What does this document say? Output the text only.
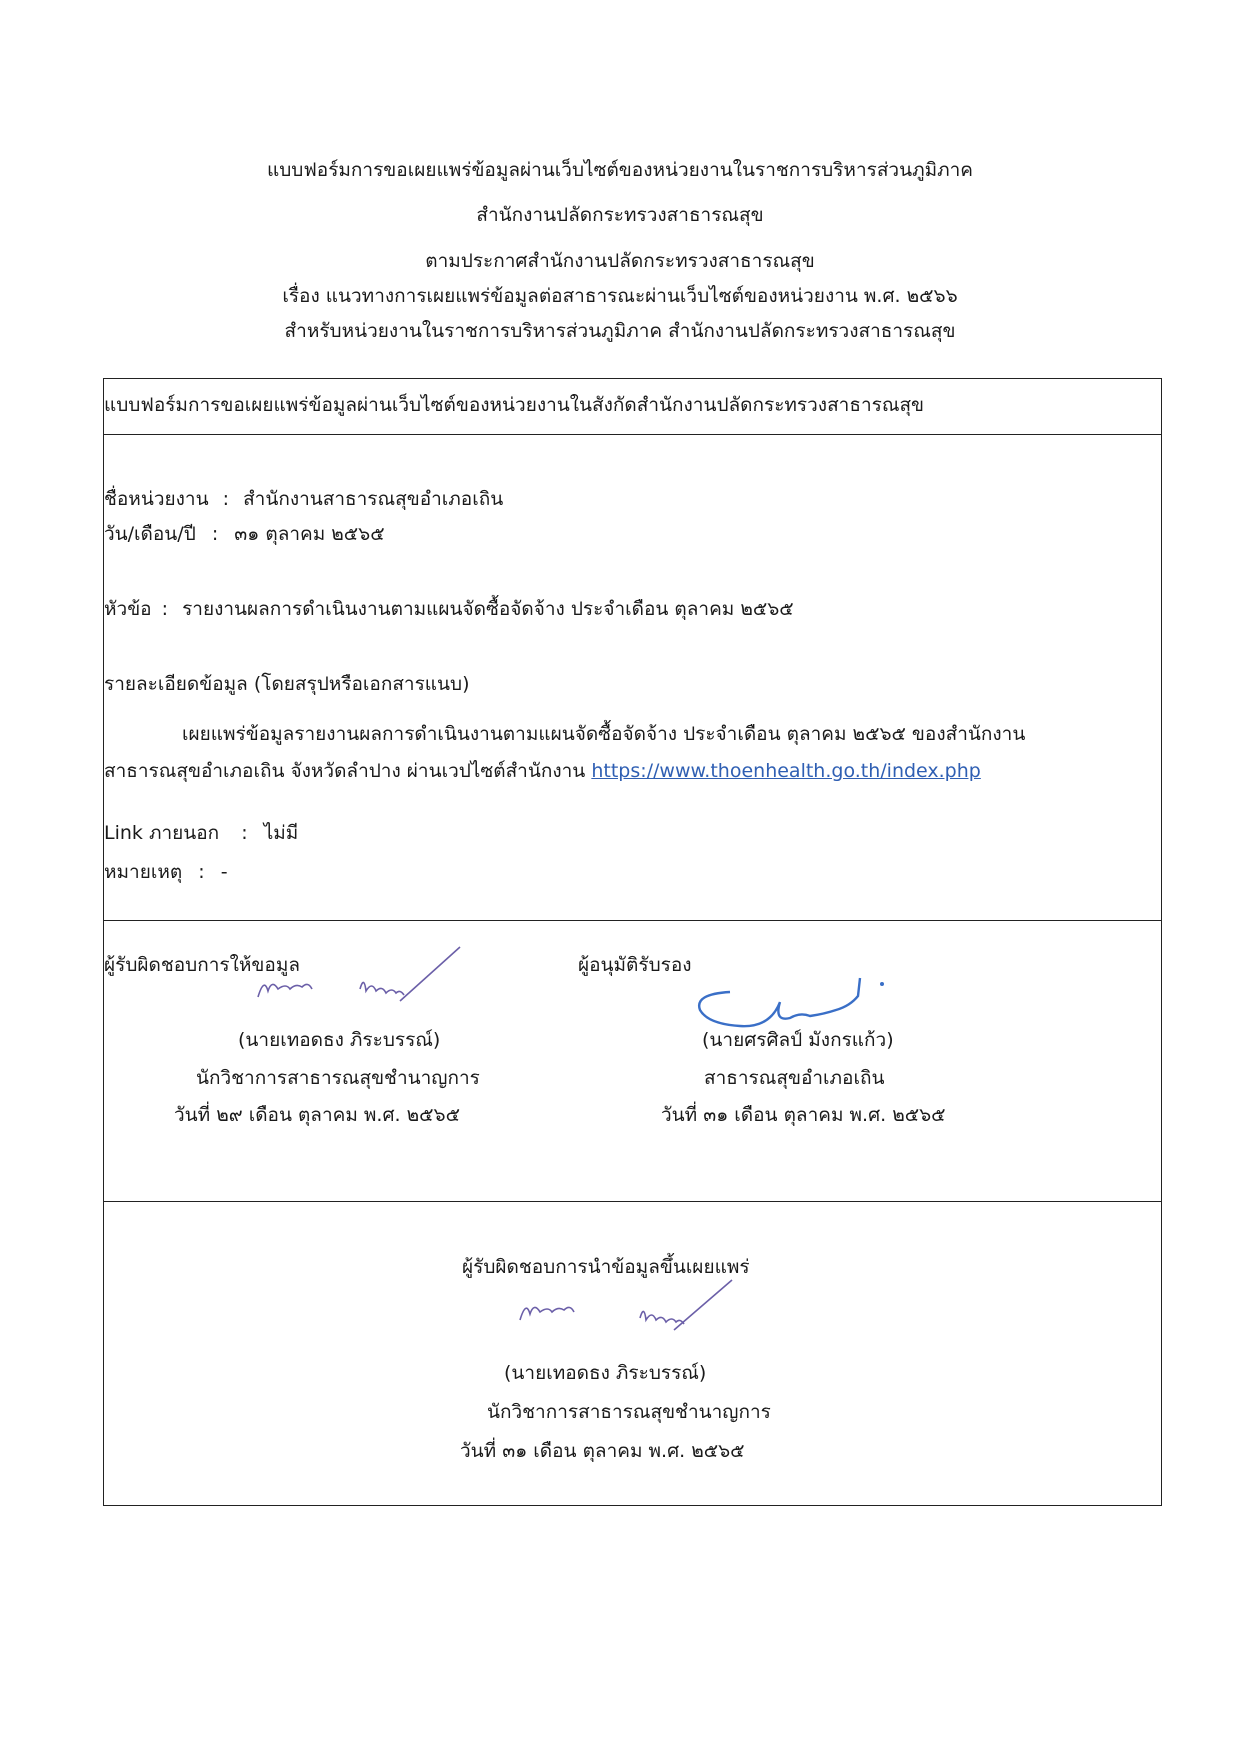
แบบฟอร์มการขอเผยแพร่ข้อมูลผ่านเว็บไซต์ของหน่วยงานในราชการบริหารส่วนภูมิภาค
สำนักงานปลัดกระทรวงสาธารณสุข
ตามประกาศสำนักงานปลัดกระทรวงสาธารณสุข
เรื่อง แนวทางการเผยแพร่ข้อมูลต่อสาธารณะผ่านเว็บไซต์ของหน่วยงาน พ.ศ. ๒๕๖๖
สำหรับหน่วยงานในราชการบริหารส่วนภูมิภาค สำนักงานปลัดกระทรวงสาธารณสุข
แบบฟอร์มการขอเผยแพร่ข้อมูลผ่านเว็บไซต์ของหน่วยงานในสังกัดสำนักงานปลัดกระทรวงสาธารณสุข
ชื่อหน่วยงาน : สำนักงานสาธารณสุขอำเภอเถิน
วัน/เดือน/ปี : ๓๑ ตุลาคม ๒๕๖๕
หัวข้อ : รายงานผลการดำเนินงานตามแผนจัดซื้อจัดจ้าง ประจำเดือน ตุลาคม ๒๕๖๕
รายละเอียดข้อมูล (โดยสรุปหรือเอกสารแนบ)
เผยแพร่ข้อมูลรายงานผลการดำเนินงานตามแผนจัดซื้อจัดจ้าง ประจำเดือน ตุลาคม ๒๕๖๕ ของสำนักงาน
สาธารณสุขอำเภอเถิน จังหวัดลำปาง ผ่านเวปไซต์สำนักงาน https://www.thoenhealth.go.th/index.php
Link ภายนอก : ไม่มี
หมายเหตุ : -
ผู้รับผิดชอบการให้ขอมูล
(นายเทอดธง ภิระบรรณ์)
นักวิชาการสาธารณสุขชำนาญการ
วันที่ ๒๙ เดือน ตุลาคม พ.ศ. ๒๕๖๕
ผู้อนุมัติรับรอง
(นายศรศิลป์ มังกรแก้ว)
สาธารณสุขอำเภอเถิน
วันที่ ๓๑ เดือน ตุลาคม พ.ศ. ๒๕๖๕
ผู้รับผิดชอบการนำข้อมูลขึ้นเผยแพร่
(นายเทอดธง ภิระบรรณ์)
นักวิชาการสาธารณสุขชำนาญการ
วันที่ ๓๑ เดือน ตุลาคม พ.ศ. ๒๕๖๕
